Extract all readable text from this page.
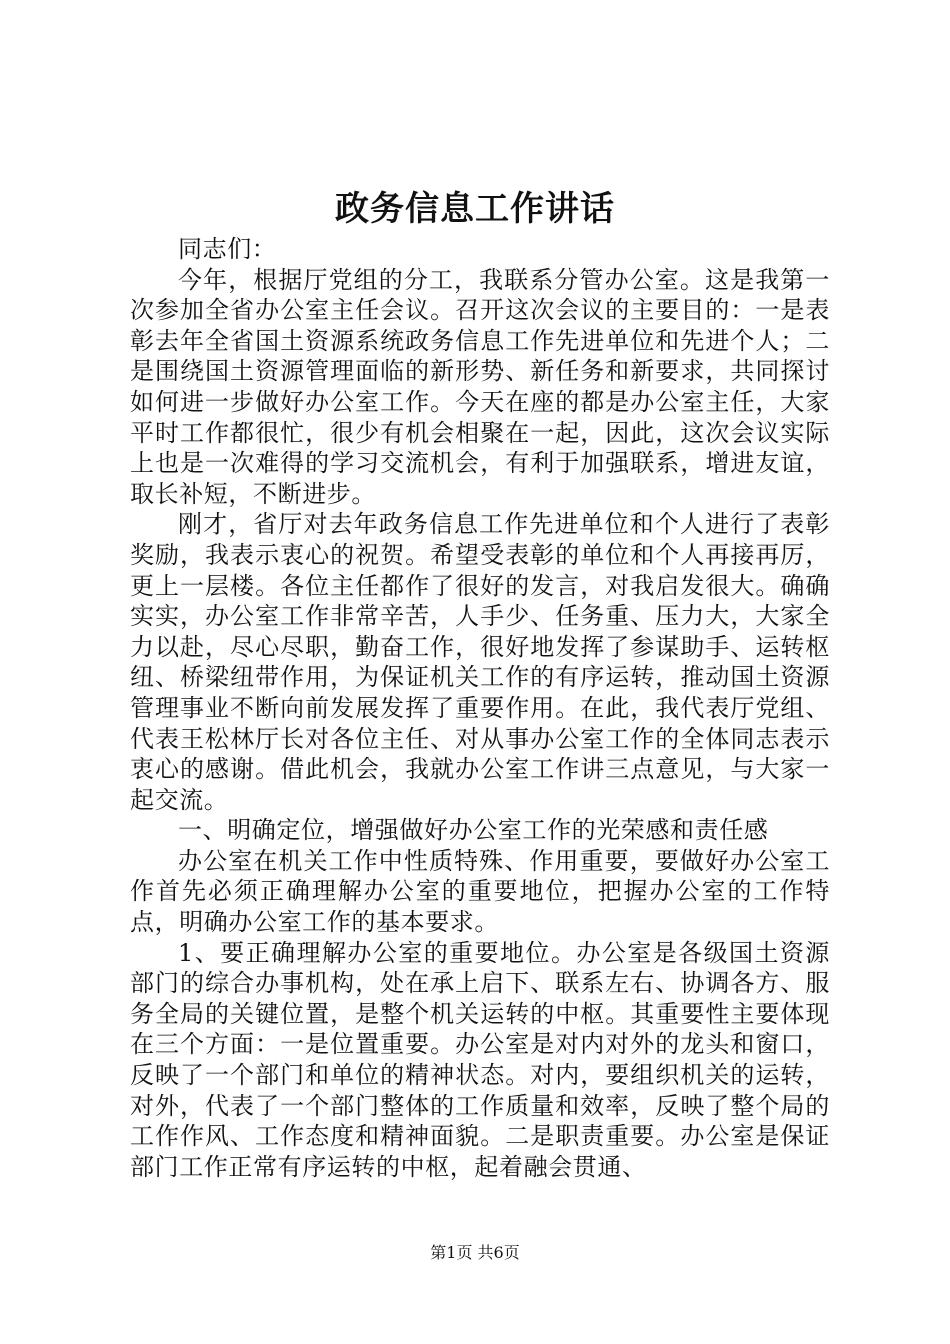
政务信息工作讲话

同志们：

今年，根据厅党组的分工，我联系分管办公室。这是我第一次参加全省办公室主任会议。召开这次会议的主要目的：一是表彰去年全省国土资源系统政务信息工作先进单位和先进个人；二是围绕国土资源管理面临的新形势、新任务和新要求，共同探讨如何进一步做好办公室工作。今天在座的都是办公室主任，大家平时工作都很忙，很少有机会相聚在一起，因此，这次会议实际上也是一次难得的学习交流机会，有利于加强联系，增进友谊，取长补短，不断进步。

刚才，省厅对去年政务信息工作先进单位和个人进行了表彰奖励，我表示衷心的祝贺。希望受表彰的单位和个人再接再厉，更上一层楼。各位主任都作了很好的发言，对我启发很大。确确实实，办公室工作非常辛苦，人手少、任务重、压力大，大家全力以赴，尽心尽职，勤奋工作，很好地发挥了参谋助手、运转枢纽、桥梁纽带作用，为保证机关工作的有序运转，推动国土资源管理事业不断向前发展发挥了重要作用。在此，我代表厅党组、代表王松林厅长对各位主任、对从事办公室工作的全体同志表示衷心的感谢。借此机会，我就办公室工作讲三点意见，与大家一起交流。

一、明确定位，增强做好办公室工作的光荣感和责任感

办公室在机关工作中性质特殊、作用重要，要做好办公室工作首先必须正确理解办公室的重要地位，把握办公室的工作特点，明确办公室工作的基本要求。

1、要正确理解办公室的重要地位。办公室是各级国土资源部门的综合办事机构，处在承上启下、联系左右、协调各方、服务全局的关键位置，是整个机关运转的中枢。其重要性主要体现在三个方面：一是位置重要。办公室是对内对外的龙头和窗口，反映了一个部门和单位的精神状态。对内，要组织机关的运转，对外，代表了一个部门整体的工作质量和效率，反映了整个局的工作作风、工作态度和精神面貌。二是职责重要。办公室是保证部门工作正常有序运转的中枢，起着融会贯通、

第1页 共6页
